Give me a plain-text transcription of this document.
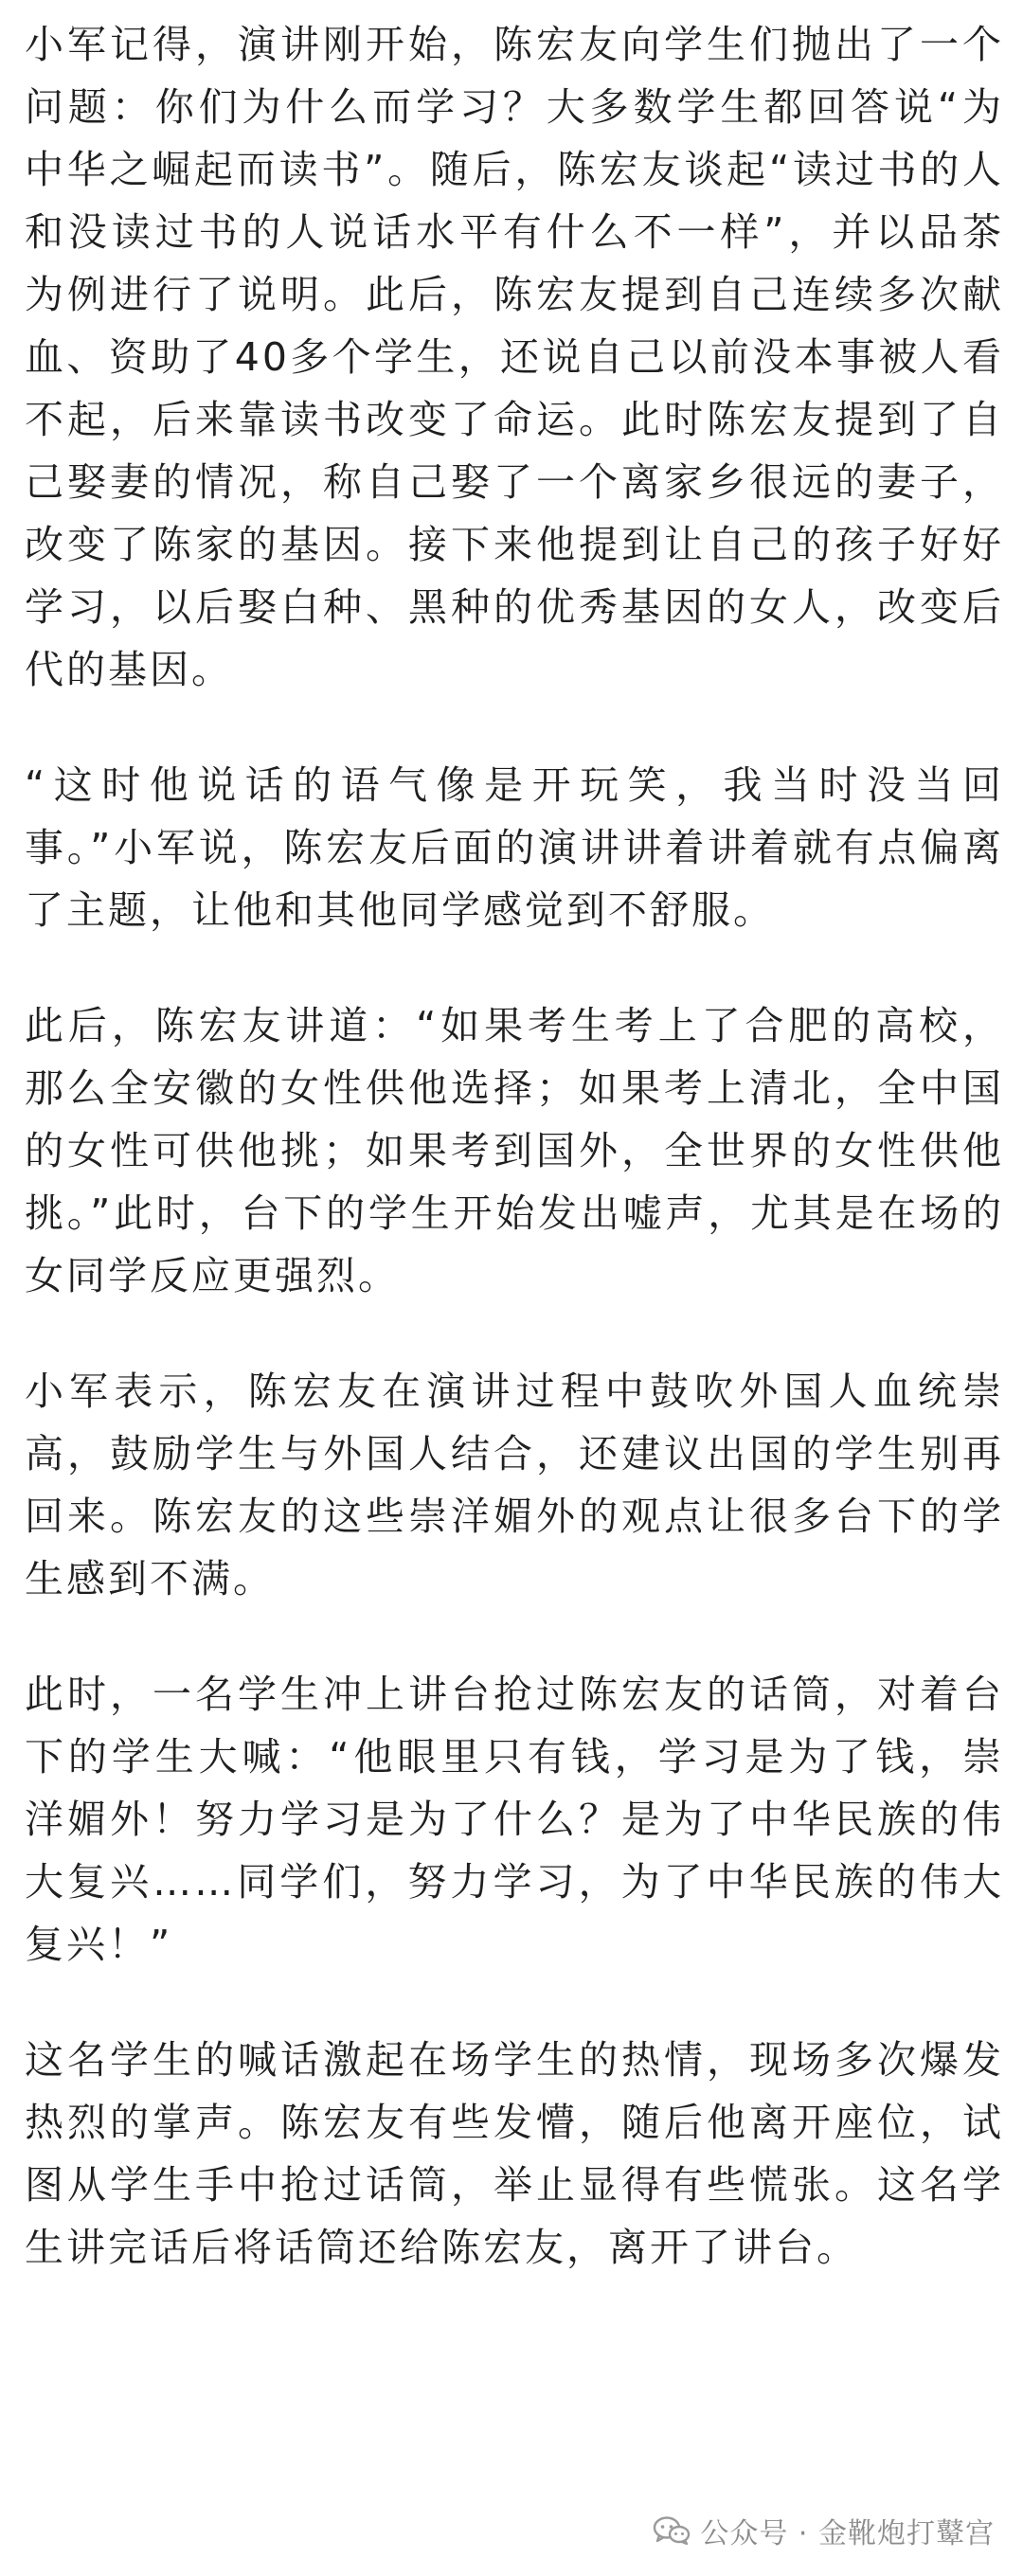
小军记得，演讲刚开始，陈宏友向学生们抛出了一个问题：你们为什么而学习？大多数学生都回答说“为中华之崛起而读书”。随后，陈宏友谈起“读过书的人和没读过书的人说话水平有什么不一样”，并以品茶为例进行了说明。此后，陈宏友提到自己连续多次献血、资助了40多个学生，还说自己以前没本事被人看不起，后来靠读书改变了命运。此时陈宏友提到了自己娶妻的情况，称自己娶了一个离家乡很远的妻子，改变了陈家的基因。接下来他提到让自己的孩子好好学习，以后娶白种、黑种的优秀基因的女人，改变后代的基因。

“这时他说话的语气像是开玩笑，我当时没当回事。”小军说，陈宏友后面的演讲讲着讲着就有点偏离了主题，让他和其他同学感觉到不舒服。

此后，陈宏友讲道：“如果考生考上了合肥的高校，那么全安徽的女性供他选择；如果考上清北，全中国的女性可供他挑；如果考到国外，全世界的女性供他挑。”此时，台下的学生开始发出嘘声，尤其是在场的女同学反应更强烈。

小军表示，陈宏友在演讲过程中鼓吹外国人血统崇高，鼓励学生与外国人结合，还建议出国的学生别再回来。陈宏友的这些崇洋媚外的观点让很多台下的学生感到不满。

此时，一名学生冲上讲台抢过陈宏友的话筒，对着台下的学生大喊：“他眼里只有钱，学习是为了钱，崇洋媚外！努力学习是为了什么？是为了中华民族的伟大复兴……同学们，努力学习，为了中华民族的伟大复兴！”

这名学生的喊话激起在场学生的热情，现场多次爆发热烈的掌声。陈宏友有些发懵，随后他离开座位，试图从学生手中抢过话筒，举止显得有些慌张。这名学生讲完话后将话筒还给陈宏友，离开了讲台。

公众号 · 金靴炮打鼙宫
